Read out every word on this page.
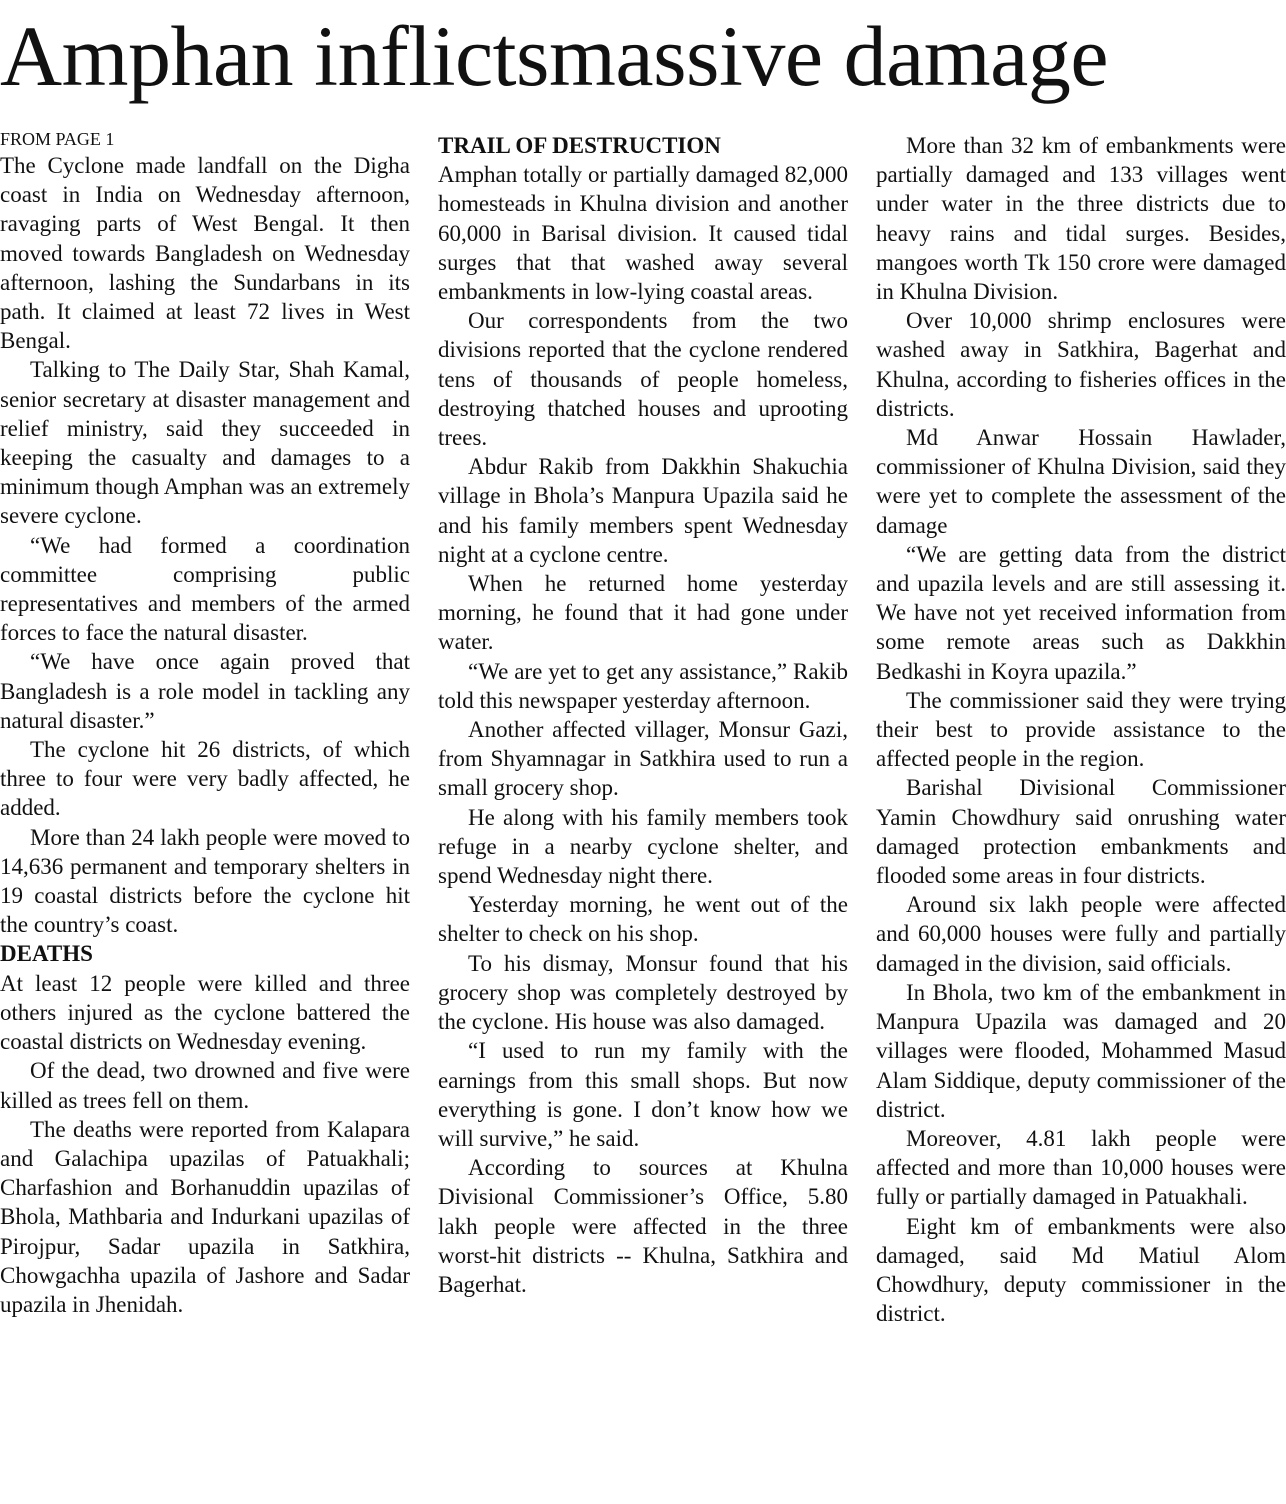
Amphan inflictsmassive damage
FROM PAGE 1

The Cyclone made landfall on the Digha coast in India on Wednesday afternoon, ravaging parts of West Bengal. It then moved towards Bangladesh on Wednesday afternoon, lashing the Sundarbans in its path. It claimed at least 72 lives in West Bengal.

Talking to The Daily Star, Shah Kamal, senior secretary at disaster management and relief ministry, said they succeeded in keeping the casualty and damages to a minimum though Amphan was an extremely severe cyclone.

“We had formed a coordination committee comprising public representatives and members of the armed forces to face the natural disaster.

“We have once again proved that Bangladesh is a role model in tackling any natural disaster.”

The cyclone hit 26 districts, of which three to four were very badly affected, he added.

More than 24 lakh people were moved to 14,636 permanent and temporary shelters in 19 coastal districts before the cyclone hit the country’s coast.

DEATHS

At least 12 people were killed and three others injured as the cyclone battered the coastal districts on Wednesday evening.

Of the dead, two drowned and five were killed as trees fell on them.

The deaths were reported from Kalapara and Galachipa upazilas of Patuakhali; Charfashion and Borhanuddin upazilas of Bhola, Mathbaria and Indurkani upazilas of Pirojpur, Sadar upazila in Satkhira, Chowgachha upazila of Jashore and Sadar upazila in Jhenidah.

TRAIL OF DESTRUCTION

Amphan totally or partially damaged 82,000 homesteads in Khulna division and another 60,000 in Barisal division. It caused tidal surges that that washed away several embankments in low-lying coastal areas.

Our correspondents from the two divisions reported that the cyclone rendered tens of thousands of people homeless, destroying thatched houses and uprooting trees.

Abdur Rakib from Dakkhin Shakuchia village in Bhola’s Manpura Upazila said he and his family members spent Wednesday night at a cyclone centre.

When he returned home yesterday morning, he found that it had gone under water.

“We are yet to get any assistance,” Rakib told this newspaper yesterday afternoon.

Another affected villager, Monsur Gazi, from Shyamnagar in Satkhira used to run a small grocery shop.

He along with his family members took refuge in a nearby cyclone shelter, and spend Wednesday night there.

Yesterday morning, he went out of the shelter to check on his shop.

To his dismay, Monsur found that his grocery shop was completely destroyed by the cyclone. His house was also damaged.

“I used to run my family with the earnings from this small shops. But now everything is gone. I don’t know how we will survive,” he said.

According to sources at Khulna Divisional Commissioner’s Office, 5.80 lakh people were affected in the three worst-hit districts -- Khulna, Satkhira and Bagerhat.

More than 32 km of embankments were partially damaged and 133 villages went under water in the three districts due to heavy rains and tidal surges. Besides, mangoes worth Tk 150 crore were damaged in Khulna Division.

Over 10,000 shrimp enclosures were washed away in Satkhira, Bagerhat and Khulna, according to fisheries offices in the districts.

Md Anwar Hossain Hawlader, commissioner of Khulna Division, said they were yet to complete the assessment of the damage

“We are getting data from the district and upazila levels and are still assessing it. We have not yet received information from some remote areas such as Dakkhin Bedkashi in Koyra upazila.”

The commissioner said they were trying their best to provide assistance to the affected people in the region.

Barishal Divisional Commissioner Yamin Chowdhury said onrushing water damaged protection embankments and flooded some areas in four districts.

Around six lakh people were affected and 60,000 houses were fully and partially damaged in the division, said officials.

In Bhola, two km of the embankment in Manpura Upazila was damaged and 20 villages were flooded, Mohammed Masud Alam Siddique, deputy commissioner of the district.

Moreover, 4.81 lakh people were affected and more than 10,000 houses were fully or partially damaged in Patuakhali.

Eight km of embankments were also damaged, said Md Matiul Alom Chowdhury, deputy commissioner in the district.
